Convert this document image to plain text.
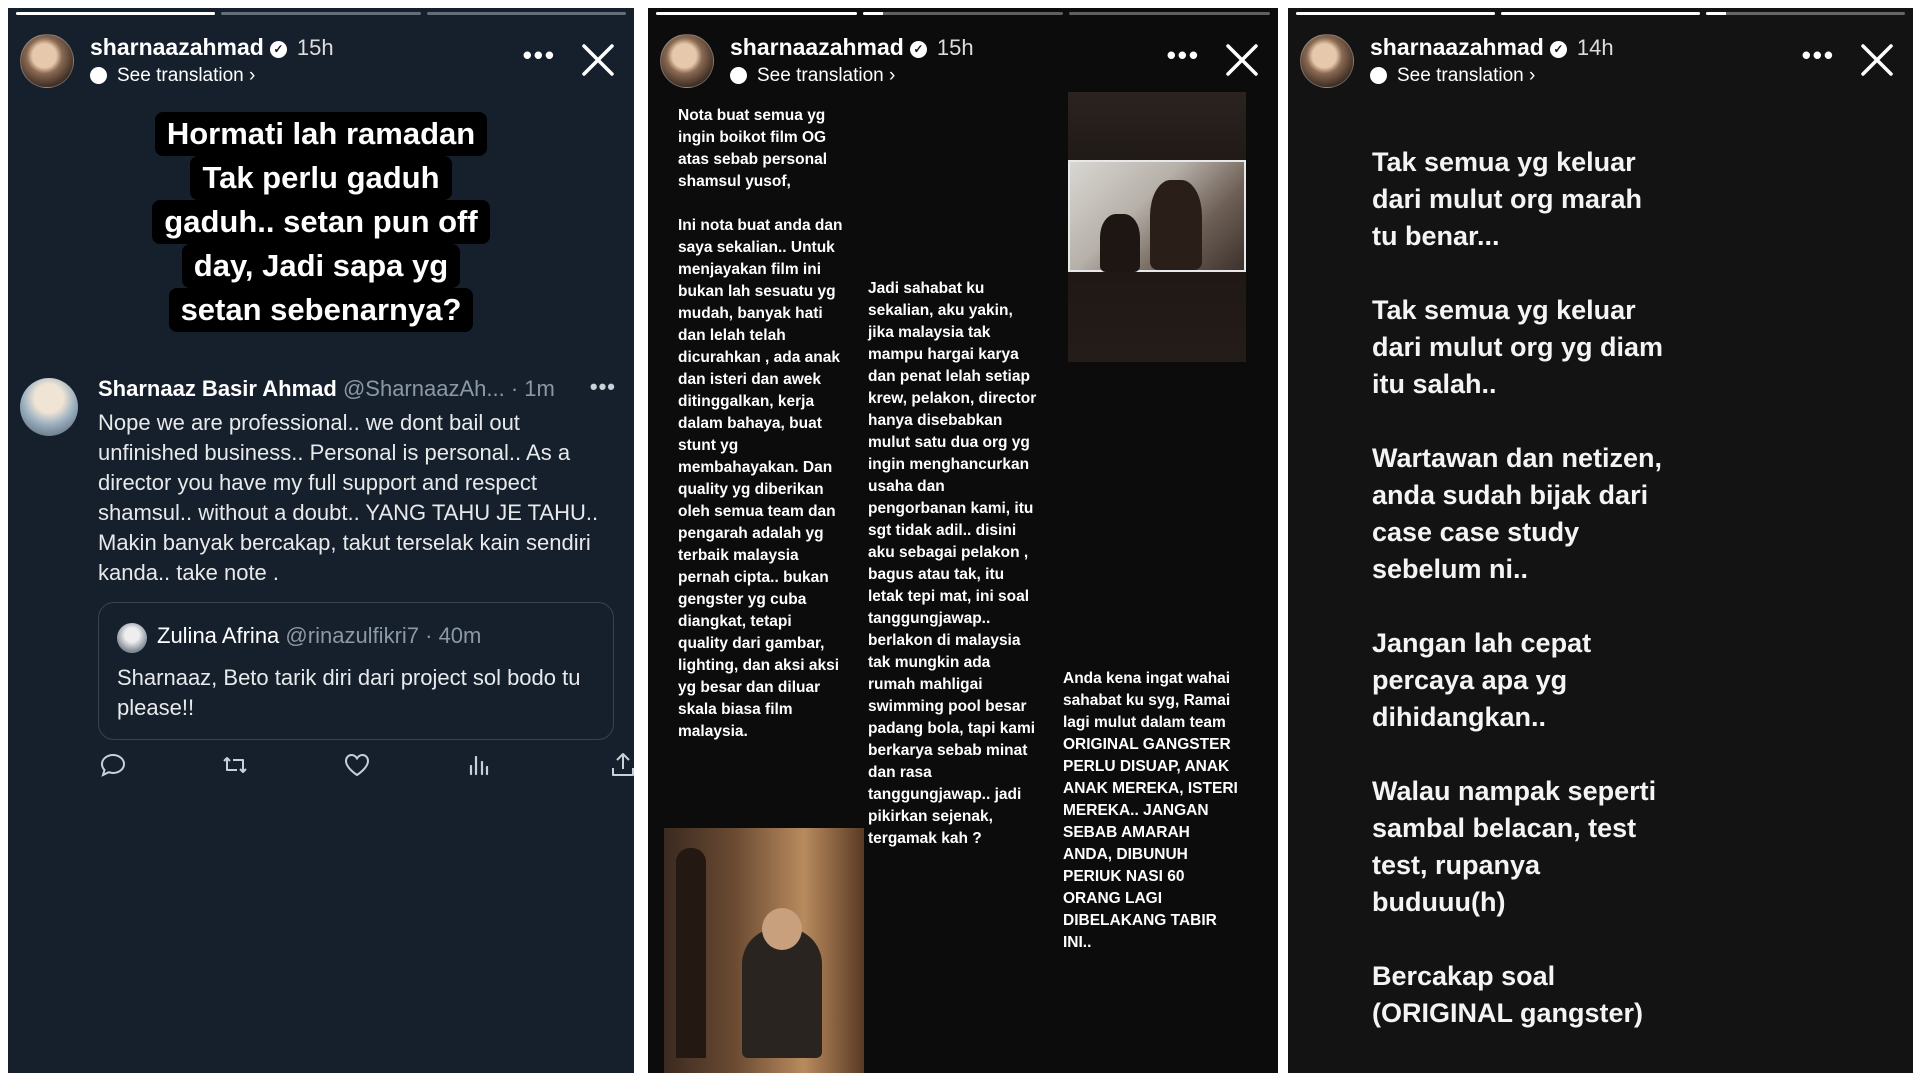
sharnaazahmad ✓ 15h
See translation ›
•••
Hormati lah ramadan
Tak perlu gaduh
gaduh.. setan pun off
day, Jadi sapa yg
setan sebenarnya?
Sharnaaz Basir Ahmad @SharnaazAh... · 1m •••
Nope we are professional.. we dont bail out unfinished business.. Personal is personal.. As a director you have my full support and respect shamsul.. without a doubt.. YANG TAHU JE TAHU.. Makin banyak bercakap, takut terselak kain sendiri kanda.. take note .
Zulina Afrina @rinazulfikri7 · 40m
Sharnaaz, Beto tarik diri dari project sol bodo tu please!!
sharnaazahmad ✓ 15h
See translation ›
•••
Nota buat semua yg
ingin boikot film OG
atas sebab personal
shamsul yusof,

Ini nota buat anda dan
saya sekalian.. Untuk
menjayakan film ini
bukan lah sesuatu yg
mudah, banyak hati
dan lelah telah
dicurahkan , ada anak
dan isteri dan awek
ditinggalkan, kerja
dalam bahaya, buat
stunt yg
membahayakan. Dan
quality yg diberikan
oleh semua team dan
pengarah adalah yg
terbaik malaysia
pernah cipta.. bukan
gengster yg cuba
diangkat, tetapi
quality dari gambar,
lighting, dan aksi aksi
yg besar dan diluar
skala biasa film
malaysia.
Jadi sahabat ku
sekalian, aku yakin,
jika malaysia tak
mampu hargai karya
dan penat lelah setiap
krew, pelakon, director
hanya disebabkan
mulut satu dua org yg
ingin menghancurkan
usaha dan
pengorbanan kami, itu
sgt tidak adil.. disini
aku sebagai pelakon ,
bagus atau tak, itu
letak tepi mat, ini soal
tanggungjawap..
berlakon di malaysia
tak mungkin ada
rumah mahligai
swimming pool besar
padang bola, tapi kami
berkarya sebab minat
dan rasa
tanggungjawap.. jadi
pikirkan sejenak,
tergamak kah ?
Anda kena ingat wahai
sahabat ku syg, Ramai
lagi mulut dalam team
ORIGINAL GANGSTER
PERLU DISUAP, ANAK
ANAK MEREKA, ISTERI
MEREKA.. JANGAN
SEBAB AMARAH
ANDA, DIBUNUH
PERIUK NASI 60
ORANG LAGI
DIBELAKANG TABIR
INI..
sharnaazahmad ✓ 14h
See translation ›
•••

Tak semua yg keluar
dari mulut org marah
tu benar...

Tak semua yg keluar
dari mulut org yg diam
itu salah..

Wartawan dan netizen,
anda sudah bijak dari
case case study
sebelum ni..

Jangan lah cepat
percaya apa yg
dihidangkan..

Walau nampak seperti
sambal belacan, test
test, rupanya
buduuu(h)

Bercakap soal
(ORIGINAL gangster)
